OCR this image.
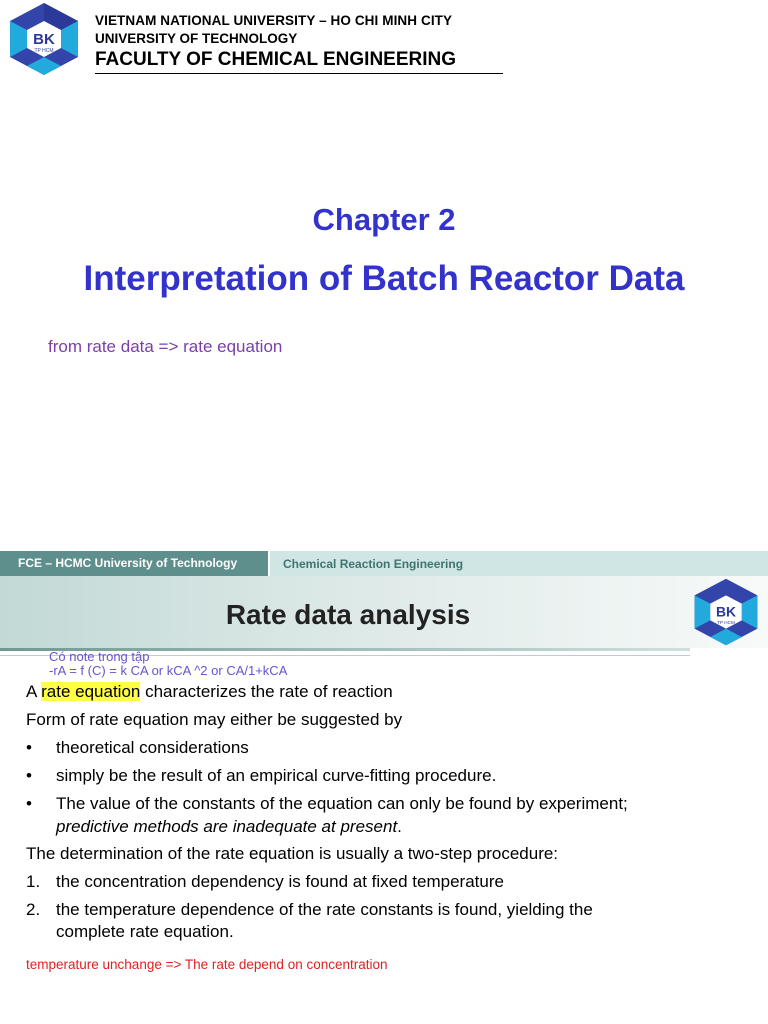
BK
TP HCM
VIETNAM NATIONAL UNIVERSITY – HO CHI MINH CITY
UNIVERSITY OF TECHNOLOGY
FACULTY OF CHEMICAL ENGINEERING
Chapter 2
Interpretation of Batch Reactor Data
from rate data => rate equation
FCE – HCMC University of Technology	Chemical Reaction Engineering
Rate data analysis	BK
TP HCM
Có note trong tập
-rA = f (C) = k CA or kCA ^2 or CA/1+kCA
A rate equation characterizes the rate of reaction
Form of rate equation may either be suggested by
• theoretical considerations
• simply be the result of an empirical curve-fitting procedure.
• The value of the constants of the equation can only be found by experiment;
predictive methods are inadequate at present.
The determination of the rate equation is usually a two-step procedure:
1. the concentration dependency is found at fixed temperature
2. the temperature dependence of the rate constants is found, yielding the
complete rate equation.
temperature unchange => The rate depend on concentration
